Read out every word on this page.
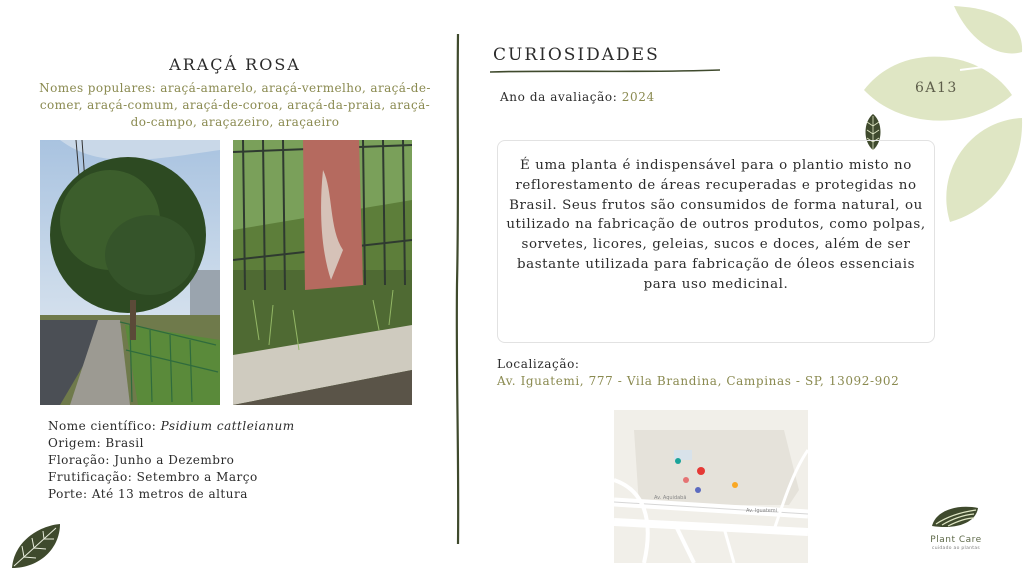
ARAÇÁ ROSA
Nomes populares: araçá-amarelo, araçá-vermelho, araçá-de-comer, araçá-comum, araçá-de-coroa, araçá-da-praia, araçá-do-campo, araçazeiro, araçaeiro
Nome científico: Psidium cattleianum
Origem: Brasil
Floração: Junho a Dezembro
Frutificação: Setembro a Março
Porte: Até 13 metros de altura
CURIOSIDADES
Ano da avaliação: 2024
6A13
É uma planta é indispensável para o plantio misto no reflorestamento de áreas recuperadas e protegidas no Brasil. Seus frutos são consumidos de forma natural, ou utilizado na fabricação de outros produtos, como polpas, sorvetes, licores, geleias, sucos e doces, além de ser bastante utilizada para fabricação de óleos essenciais para uso medicinal.
Localização:
Av. Iguatemi, 777 - Vila Brandina, Campinas - SP, 13092-902
Av. Iguatemi
Av. Aquidabã
Plant Care
cuidado ao plantas
